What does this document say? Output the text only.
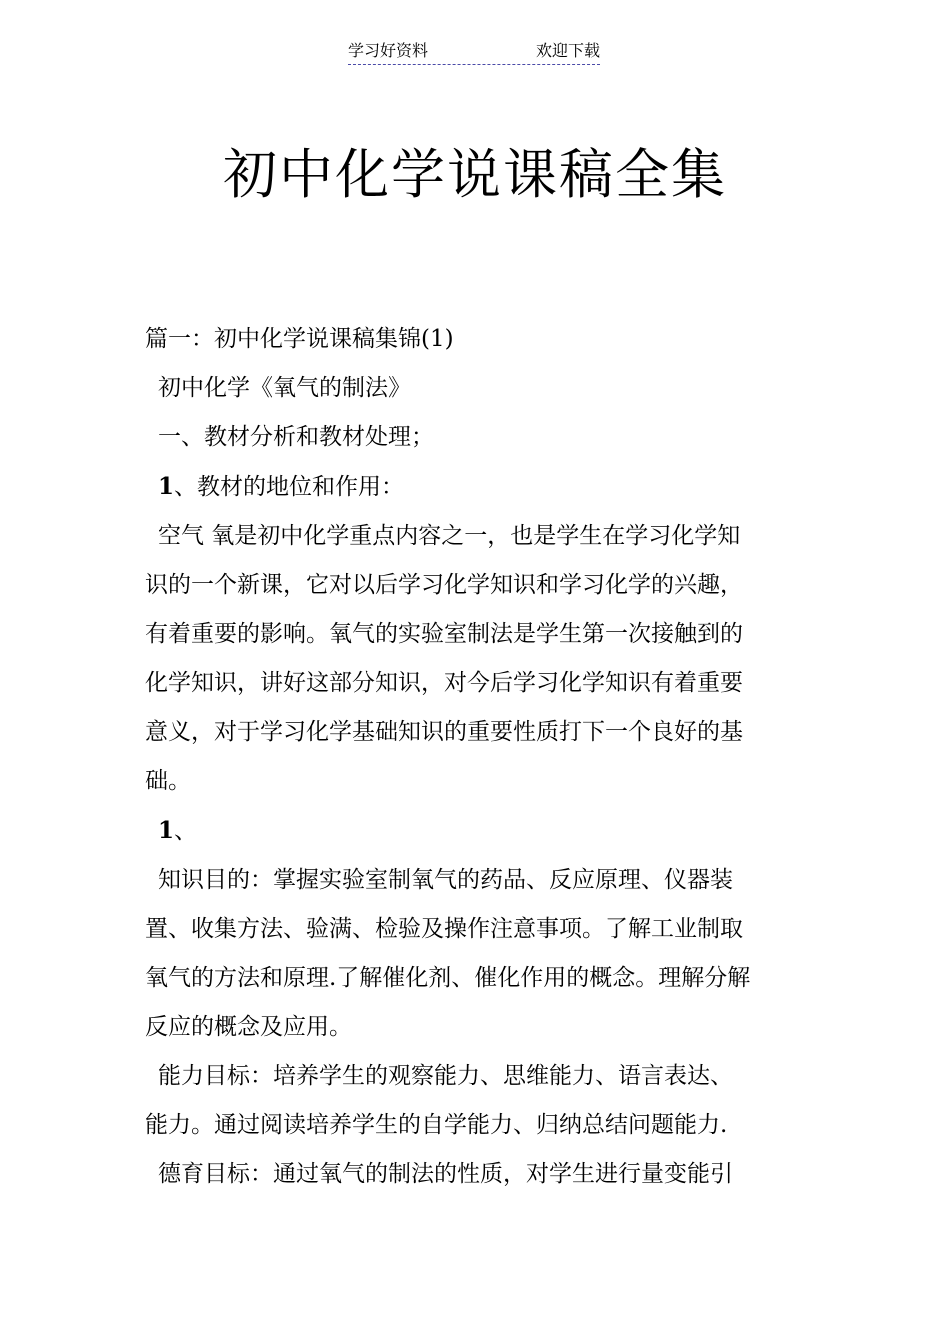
学习好资料	欢迎下载
初中化学说课稿全集

篇一：初中化学说课稿集锦(1)

初中化学《氧气的制法》

一、教材分析和教材处理；

1、教材的地位和作用：

空气 氧是初中化学重点内容之一，也是学生在学习化学知

识的一个新课，它对以后学习化学知识和学习化学的兴趣，

有着重要的影响。氧气的实验室制法是学生第一次接触到的

化学知识，讲好这部分知识，对今后学习化学知识有着重要

意义，对于学习化学基础知识的重要性质打下一个良好的基

础。

1、

知识目的：掌握实验室制氧气的药品、反应原理、仪器装

置、收集方法、验满、检验及操作注意事项。了解工业制取

氧气的方法和原理.了解催化剂、催化作用的概念。理解分解

反应的概念及应用。

能力目标：培养学生的观察能力、思维能力、语言表达、

能力。通过阅读培养学生的自学能力、归纳总结问题能力.

德育目标：通过氧气的制法的性质，对学生进行量变能引
